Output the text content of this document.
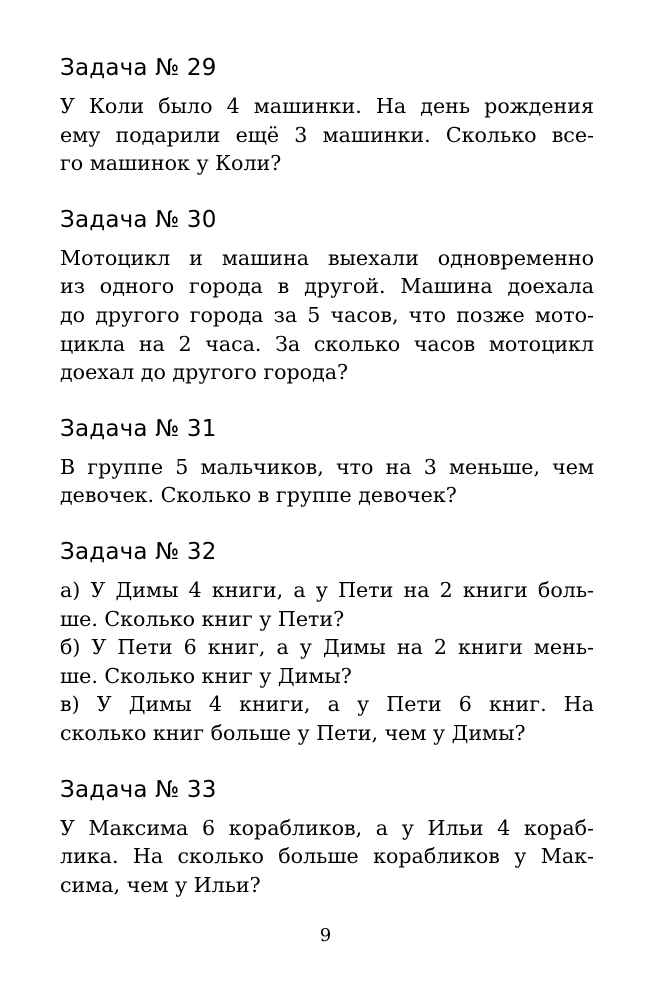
Задача № 29
У Коли было 4 машинки. На день рождения
ему подарили ещё 3 машинки. Сколько все-
го машинок у Коли?
Задача № 30
Мотоцикл и машина выехали одновременно
из одного города в другой. Машина доехала
до другого города за 5 часов, что позже мото-
цикла на 2 часа. За сколько часов мотоцикл
доехал до другого города?
Задача № 31
В группе 5 мальчиков, что на 3 меньше, чем
девочек. Сколько в группе девочек?
Задача № 32
а) У Димы 4 книги, а у Пети на 2 книги боль-
ше. Сколько книг у Пети?
б) У Пети 6 книг, а у Димы на 2 книги мень-
ше. Сколько книг у Димы?
в) У Димы 4 книги, а у Пети 6 книг. На
сколько книг больше у Пети, чем у Димы?
Задача № 33
У Максима 6 корабликов, а у Ильи 4 кораб-
лика. На сколько больше корабликов у Мак-
сима, чем у Ильи?
9
